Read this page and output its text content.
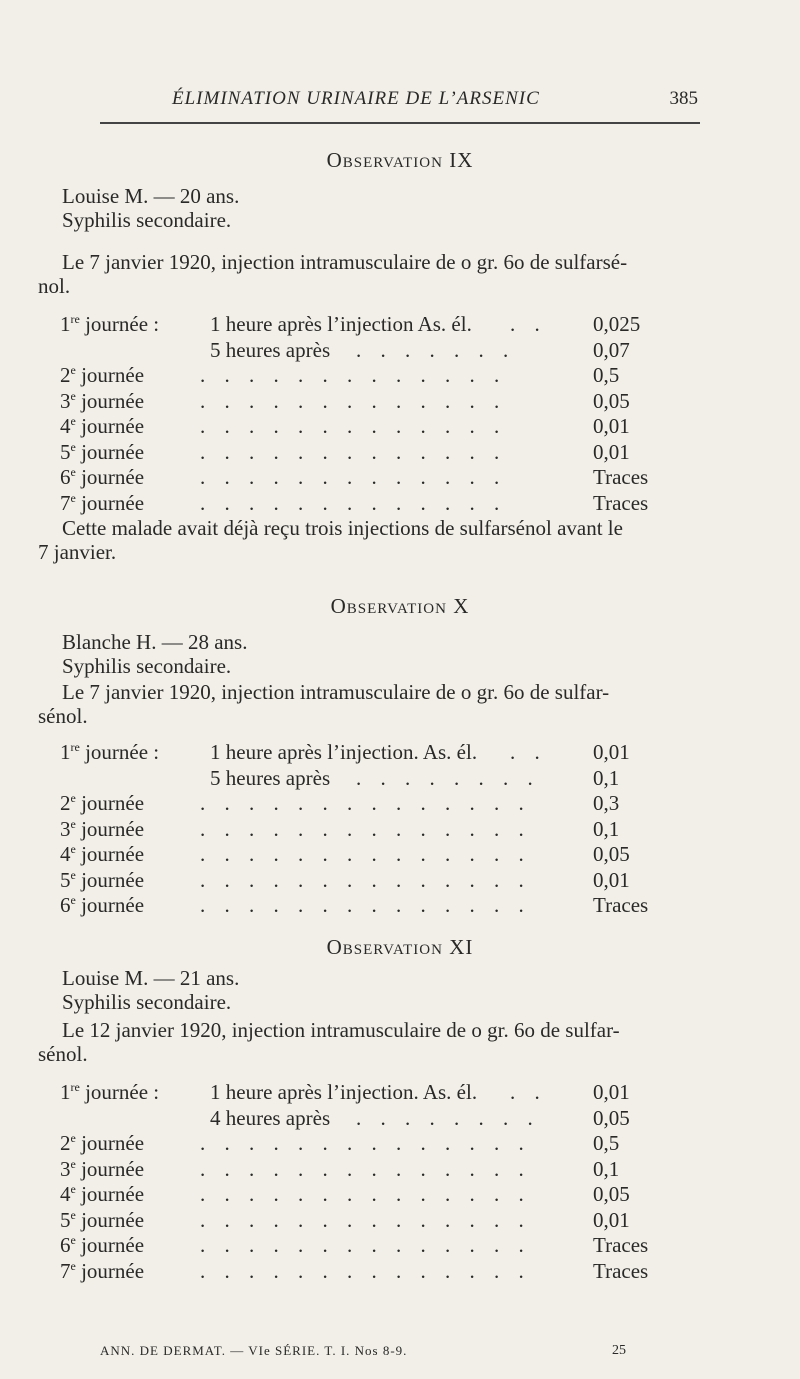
ÉLIMINATION URINAIRE DE L’ARSENIC	385
Observation IX
Louise M. — 20 ans.
Syphilis secondaire.
Le 7 janvier 1920, injection intramusculaire de o gr. 6o de sulfarsé-
nol.
1re journée : 1 heure après l’injection As. él. . . 0,025
5 heures après . . . . . . .	0,07
2e journée	. . . . . . . . . . . . .	0,5
3e journée	. . . . . . . . . . . . .	0,05
4e journée	. . . . . . . . . . . . .	0,01
5e journée	. . . . . . . . . . . . .	0,01
6e journée	. . . . . . . . . . . . .	Traces
7e journée	. . . . . . . . . . . . .	Traces
Cette malade avait déjà reçu trois injections de sulfarsénol avant le
7 janvier.
Observation X
Blanche H. — 28 ans.
Syphilis secondaire.
Le 7 janvier 1920, injection intramusculaire de o gr. 6o de sulfar-
sénol.
1re journée : 1 heure après l’injection. As. él. . . 0,01
5 heures après . . . . . . . .	0,1
2e journée	. . . . . . . . . . . . . .	0,3
3e journée	. . . . . . . . . . . . . .	0,1
4e journée	. . . . . . . . . . . . . .	0,05
5e journée	. . . . . . . . . . . . . .	0,01
6e journée	. . . . . . . . . . . . . .	Traces
Observation XI
Louise M. — 21 ans.
Syphilis secondaire.
Le 12 janvier 1920, injection intramusculaire de o gr. 6o de sulfar-
sénol.
1re journée : 1 heure après l’injection. As. él. . . 0,01
4 heures après . . . . . . . .	0,05
2e journée	. . . . . . . . . . . . . .	0,5
3e journée	. . . . . . . . . . . . . .	0,1
4e journée	. . . . . . . . . . . . . .	0,05
5e journée	. . . . . . . . . . . . . .	0,01
6e journée	. . . . . . . . . . . . . .	Traces
7e journée	. . . . . . . . . . . . . .	Traces
ANN. DE DERMAT. — VIe SÉRIE. T. I. Nos 8-9.	25
